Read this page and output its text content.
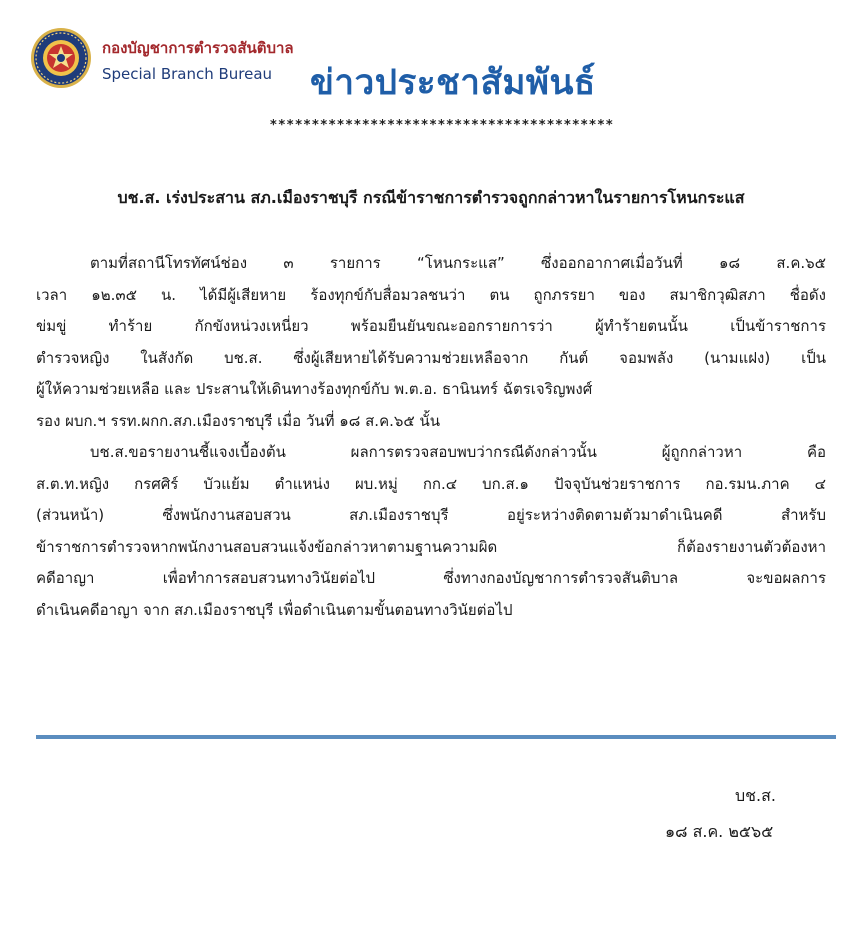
กองบัญชาการตำรวจสันติบาล
Special Branch Bureau ข่าวประชาสัมพันธ์
*****************************************
บช.ส. เร่งประสาน สภ.เมืองราชบุรี กรณีข้าราชการตำรวจถูกกล่าวหาในรายการโหนกระแส
ตามที่สถานีโทรทัศน์ช่อง ๓ รายการ “โหนกระแส” ซึ่งออกอากาศเมื่อวันที่ ๑๘ ส.ค.๖๕
เวลา ๑๒.๓๕ น. ได้มีผู้เสียหาย ร้องทุกข์กับสื่อมวลชนว่า ตน ถูกภรรยา ของ สมาชิกวุฒิสภา ชื่อดัง
ข่มขู่ ทำร้าย กักขังหน่วงเหนี่ยว พร้อมยืนยันขณะออกรายการว่า ผู้ทำร้ายตนนั้น เป็นข้าราชการ
ตำรวจหญิง ในสังกัด บช.ส. ซึ่งผู้เสียหายได้รับความช่วยเหลือจาก กันต์ จอมพลัง (นามแฝง) เป็น
ผู้ให้ความช่วยเหลือ และ ประสานให้เดินทางร้องทุกข์กับ พ.ต.อ. ธานินทร์ ฉัตรเจริญพงศ์
รอง ผบก.ฯ รรท.ผกก.สภ.เมืองราชบุรี เมื่อ วันที่ ๑๘ ส.ค.๖๕ นั้น
บช.ส.ขอรายงานชี้แจงเบื้องต้น ผลการตรวจสอบพบว่ากรณีดังกล่าวนั้น ผู้ถูกกล่าวหา คือ
ส.ต.ท.หญิง กรศศิร์ บัวแย้ม ตำแหน่ง ผบ.หมู่ กก.๔ บก.ส.๑ ปัจจุบันช่วยราชการ กอ.รมน.ภาค ๔
(ส่วนหน้า) ซึ่งพนักงานสอบสวน สภ.เมืองราชบุรี อยู่ระหว่างติดตามตัวมาดำเนินคดี สำหรับ
ข้าราชการตำรวจหากพนักงานสอบสวนแจ้งข้อกล่าวหาตามฐานความผิด ก็ต้องรายงานตัวต้องหา
คดีอาญา เพื่อทำการสอบสวนทางวินัยต่อไป ซึ่งทางกองบัญชาการตำรวจสันติบาล จะขอผลการ
ดำเนินคดีอาญา จาก สภ.เมืองราชบุรี เพื่อดำเนินตามขั้นตอนทางวินัยต่อไป
บช.ส.
๑๘ ส.ค. ๒๕๖๕
